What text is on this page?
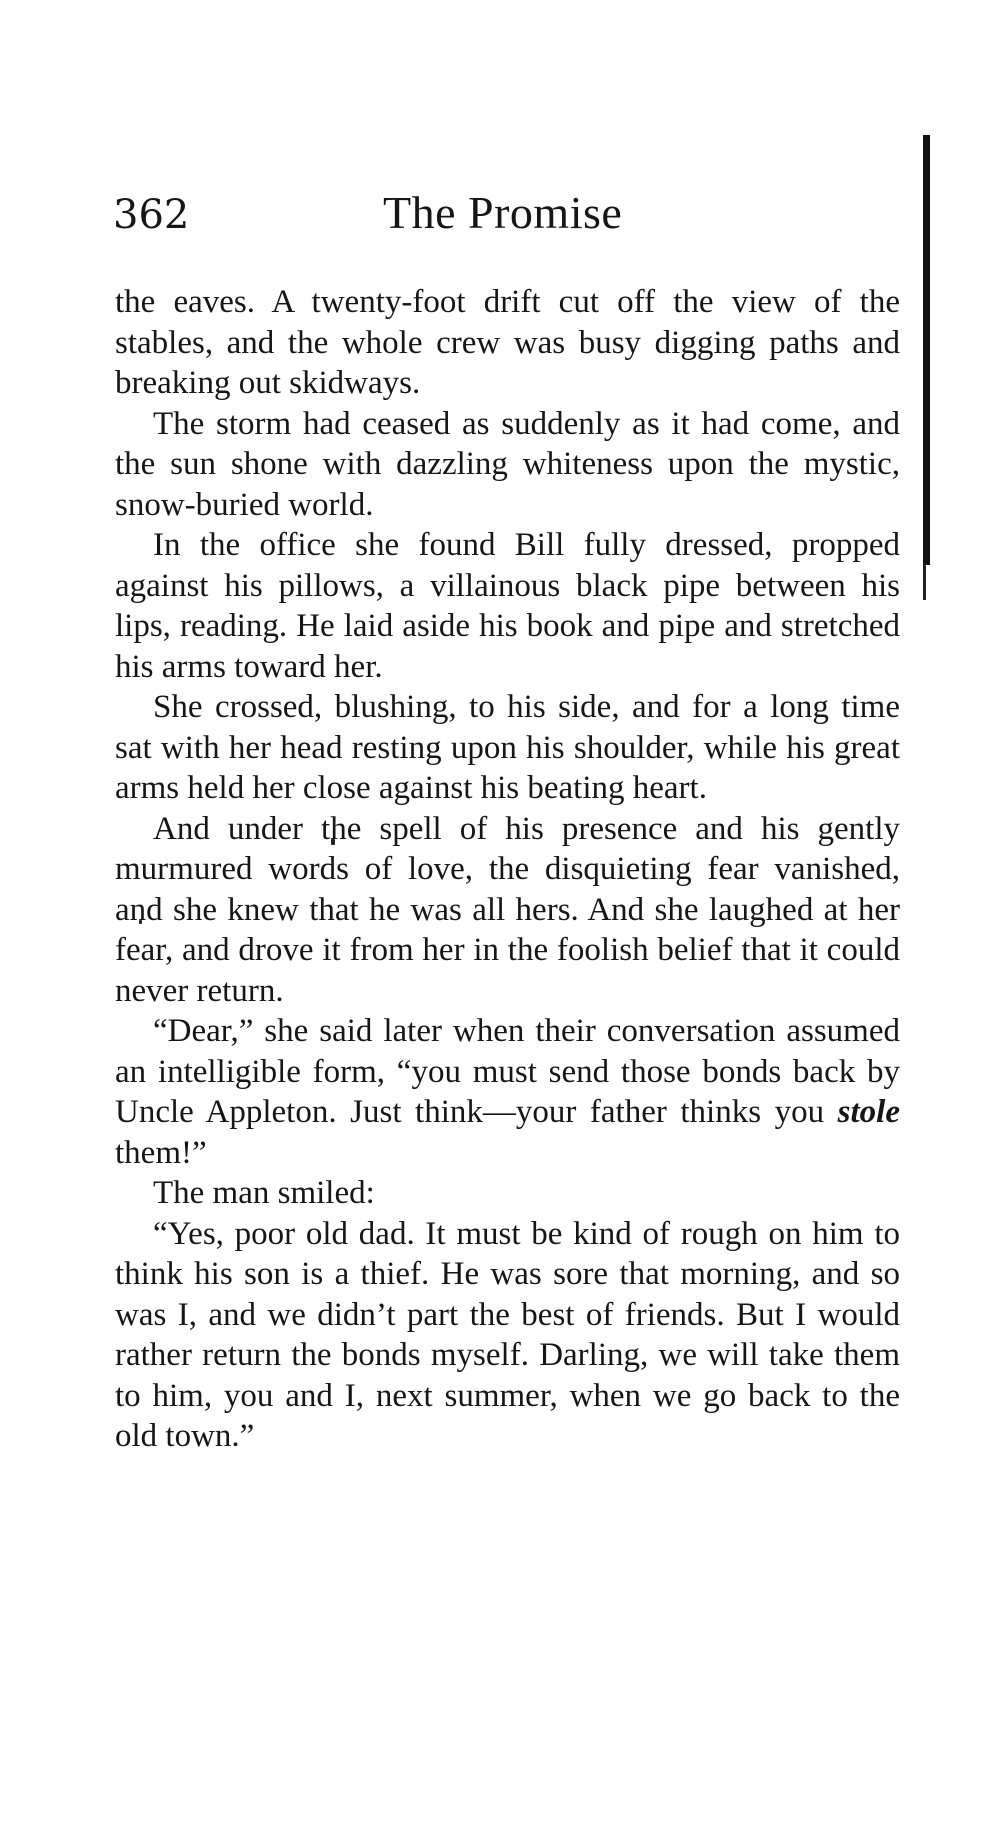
362	The Promise

the eaves. A twenty-foot drift cut off the view of the stables, and the whole crew was busy digging paths and breaking out skidways.

The storm had ceased as suddenly as it had come, and the sun shone with dazzling whiteness upon the mystic, snow-buried world.

In the office she found Bill fully dressed, propped against his pillows, a villainous black pipe between his lips, reading. He laid aside his book and pipe and stretched his arms toward her.

She crossed, blushing, to his side, and for a long time sat with her head resting upon his shoulder, while his great arms held her close against his beating heart.

And under the spell of his presence and his gently murmured words of love, the disquieting fear vanished, and she knew that he was all hers. And she laughed at her fear, and drove it from her in the foolish belief that it could never return.

“Dear,” she said later when their conversation assumed an intelligible form, “you must send those bonds back by Uncle Appleton. Just think—your father thinks you stole them!”

The man smiled:

“Yes, poor old dad. It must be kind of rough on him to think his son is a thief. He was sore that morning, and so was I, and we didn’t part the best of friends. But I would rather return the bonds myself. Darling, we will take them to him, you and I, next summer, when we go back to the old town.”
